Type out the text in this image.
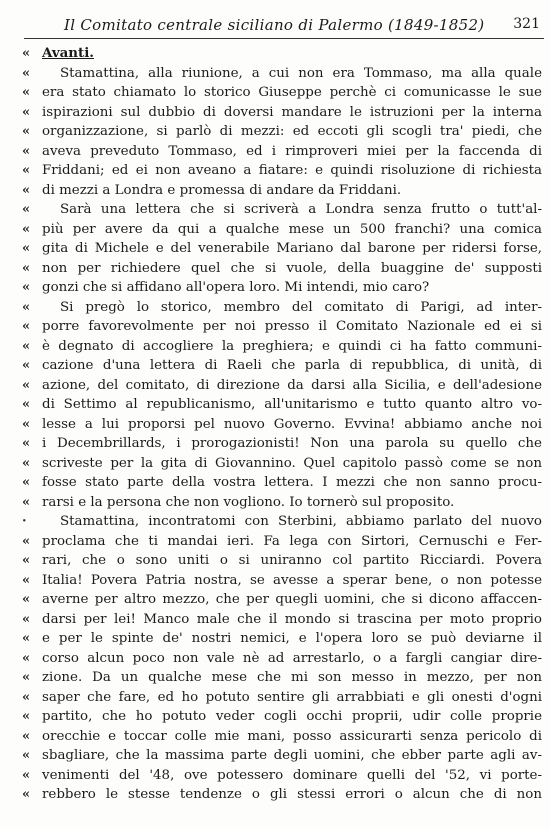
Il Comitato centrale siciliano di Palermo (1849-1852) 321
« Avanti.
« Stamattina, alla riunione, a cui non era Tommaso, ma alla quale
« era stato chiamato lo storico Giuseppe perchè ci comunicasse le sue
« ispirazioni sul dubbio di doversi mandare le istruzioni per la interna
« organizzazione, si parlò di mezzi: ed eccoti gli scogli tra' piedi, che
« aveva preveduto Tommaso, ed i rimproveri miei per la faccenda di
« Friddani; ed ei non aveano a fiatare: e quindi risoluzione di richiesta
« di mezzi a Londra e promessa di andare da Friddani.
« Sarà una lettera che si scriverà a Londra senza frutto o tutt'al-
« più per avere da qui a qualche mese un 500 franchi? una comica
« gita di Michele e del venerabile Mariano dal barone per ridersi forse,
« non per richiedere quel che si vuole, della buaggine de' supposti
« gonzi che si affidano all'opera loro. Mi intendi, mio caro?
« Si pregò lo storico, membro del comitato di Parigi, ad inter-
« porre favorevolmente per noi presso il Comitato Nazionale ed ei si
« è degnato di accogliere la preghiera; e quindi ci ha fatto communi-
« cazione d'una lettera di Raeli che parla di repubblica, di unità, di
« azione, del comitato, di direzione da darsi alla Sicilia, e dell'adesione
« di Settimo al republicanismo, all'unitarismo e tutto quanto altro vo-
« lesse a lui proporsi pel nuovo Governo. Evvina! abbiamo anche noi
« i Decembrillards, i prorogazionisti! Non una parola su quello che
« scriveste per la gita di Giovannino. Quel capitolo passò come se non
« fosse stato parte della vostra lettera. I mezzi che non sanno procu-
« rarsi e la persona che non vogliono. Io tornerò sul proposito.
· Stamattina, incontratomi con Sterbini, abbiamo parlato del nuovo
« proclama che ti mandai ieri. Fa lega con Sirtori, Cernuschi e Fer-
« rari, che o sono uniti o si uniranno col partito Ricciardi. Povera
« Italia! Povera Patria nostra, se avesse a sperar bene, o non potesse
« averne per altro mezzo, che per quegli uomini, che si dicono affaccen-
« darsi per lei! Manco male che il mondo si trascina per moto proprio
« e per le spinte de' nostri nemici, e l'opera loro se può deviarne il
« corso alcun poco non vale nè ad arrestarlo, o a fargli cangiar dire-
« zione. Da un qualche mese che mi son messo in mezzo, per non
« saper che fare, ed ho potuto sentire gli arrabbiati e gli onesti d'ogni
« partito, che ho potuto veder cogli occhi proprii, udir colle proprie
« orecchie e toccar colle mie mani, posso assicurarti senza pericolo di
« sbagliare, che la massima parte degli uomini, che ebber parte agli av-
« venimenti del '48, ove potessero dominare quelli del '52, vi porte-
« rebbero le stesse tendenze o gli stessi errori o alcun che di non
